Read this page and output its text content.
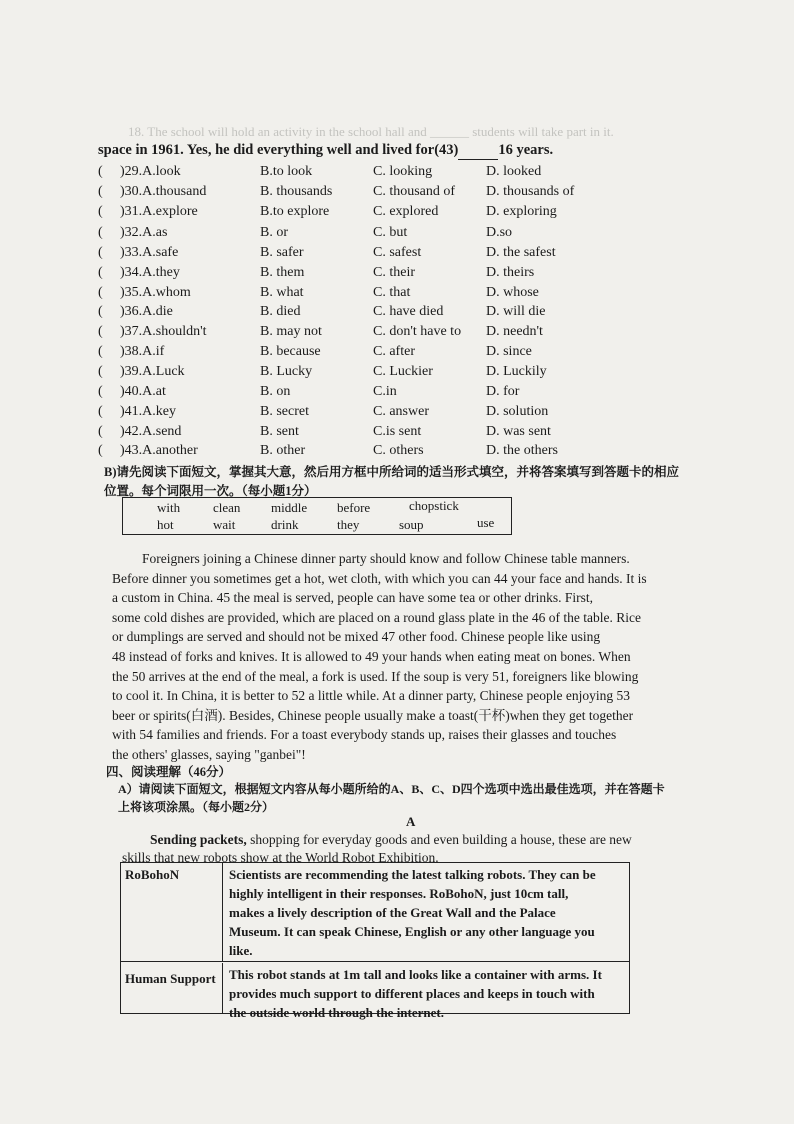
18. The school will hold an activity in the school hall and ______ students will take part in it.
space in 1961. Yes, he did everything well and lived for(43)	16 years.
( )29.A.look	B.to look	C. looking	D. looked
( )30.A.thousand	B. thousands	C. thousand of D. thousands of
( )31.A.explore	B.to explore	C. explored	D. exploring
( )32.A.as	B. or	C. but	D.so
( )33.A.safe	B. safer	C. safest	D. the safest
( )34.A.they	B. them	C. their	D. theirs
( )35.A.whom	B. what	C. that	D. whose
( )36.A.die	B. died	C. have died	D. will die
( )37.A.shouldn't	B. may not	C. don't have to D. needn't
( )38.A.if	B. because	C. after	D. since
( )39.A.Luck	B. Lucky	C. Luckier	D. Luckily
( )40.A.at	B. on	C.in	D. for
( )41.A.key	B. secret	C. answer	D. solution
( )42.A.send	B. sent	C.is sent	D. was sent
( )43.A.another	B. other	C. others	D. the others
B)请先阅读下面短文，掌握其大意，然后用方框中所给词的适当形式填空，并将答案填写到答题卡的相应
位置。每个词限用一次。（每小题1分）
with	clean middle before	chopstick
hot	wait	drink	they	soup	use
Foreigners joining a Chinese dinner party should know and follow Chinese table manners.
Before dinner you sometimes get a hot, wet cloth, with which you can 44 your face and hands. It is
a custom in China. 45 the meal is served, people can have some tea or other drinks. First,
some cold dishes are provided, which are placed on a round glass plate in the 46 of the table. Rice
or dumplings are served and should not be mixed 47 other food. Chinese people like using
48 instead of forks and knives. It is allowed to 49 your hands when eating meat on bones. When
the 50 arrives at the end of the meal, a fork is used. If the soup is very 51, foreigners like blowing
to cool it. In China, it is better to 52 a little while. At a dinner party, Chinese people enjoying 53
beer or spirits(白酒). Besides, Chinese people usually make a toast(干杯)when they get together
with 54 families and friends. For a toast everybody stands up, raises their glasses and touches
the others' glasses, saying "ganbei"!
四、阅读理解（46分）
A）请阅读下面短文，根据短文内容从每小题所给的A、B、C、D四个选项中选出最佳选项，并在答题卡
上将该项涂黑。（每小题2分）
A
Sending packets, shopping for everyday goods and even building a house, these are new
skills that new robots show at the World Robot Exhibition.
RoBohoN	Scientists are recommending the latest talking robots. They can be
highly intelligent in their responses. RoBohoN, just 10cm tall,
makes a lively description of the Great Wall and the Palace
Museum. It can speak Chinese, English or any other language you
like.
Human Support	This robot stands at 1m tall and looks like a container with arms. It
provides much support to different places and keeps in touch with
the outside world through the internet.
